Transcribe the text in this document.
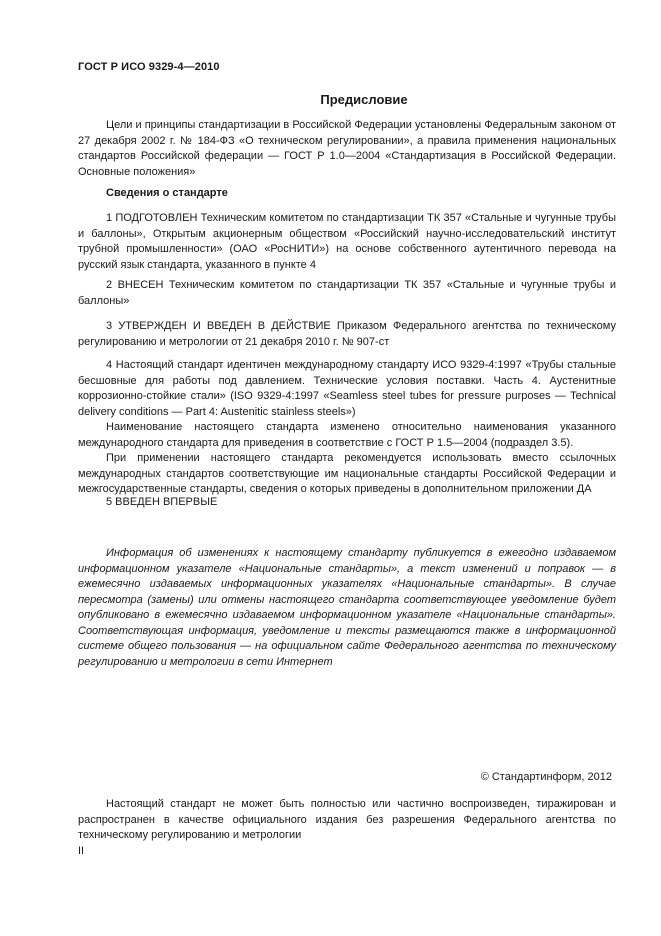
ГОСТ Р ИСО 9329-4—2010
Предисловие

Цели и принципы стандартизации в Российской Федерации установлены Федеральным законом от 27 декабря 2002 г. № 184-ФЗ «О техническом регулировании», а правила применения национальных стандартов Российской федерации — ГОСТ Р 1.0—2004 «Стандартизация в Российской Федерации. Основные положения»

Сведения о стандарте

1 ПОДГОТОВЛЕН Техническим комитетом по стандартизации ТК 357 «Стальные и чугунные трубы и баллоны», Открытым акционерным обществом «Российский научно-исследовательский институт трубной промышленности» (ОАО «РосНИТИ») на основе собственного аутентичного перевода на русский язык стандарта, указанного в пункте 4

2 ВНЕСЕН Техническим комитетом по стандартизации ТК 357 «Стальные и чугунные трубы и баллоны»

3 УТВЕРЖДЕН И ВВЕДЕН В ДЕЙСТВИЕ Приказом Федерального агентства по техническому регулированию и метрологии от 21 декабря 2010 г. № 907-ст

4 Настоящий стандарт идентичен международному стандарту ИСО 9329-4:1997 «Трубы стальные бесшовные для работы под давлением. Технические условия поставки. Часть 4. Аустенитные коррозионно-стойкие стали» (ISO 9329-4:1997 «Seamless steel tubes for pressure purposes — Technical delivery conditions — Part 4: Austenitic stainless steels»)

Наименование настоящего стандарта изменено относительно наименования указанного международного стандарта для приведения в соответствие с ГОСТ Р 1.5—2004 (подраздел 3.5).

При применении настоящего стандарта рекомендуется использовать вместо ссылочных международных стандартов соответствующие им национальные стандарты Российской Федерации и межгосударственные стандарты, сведения о которых приведены в дополнительном приложении ДА

5 ВВЕДЕН ВПЕРВЫЕ

Информация об изменениях к настоящему стандарту публикуется в ежегодно издаваемом информационном указателе «Национальные стандарты», а текст изменений и поправок — в ежемесячно издаваемых информационных указателях «Национальные стандарты». В случае пересмотра (замены) или отмены настоящего стандарта соответствующее уведомление будет опубликовано в ежемесячно издаваемом информационном указателе «Национальные стандарты». Соответствующая информация, уведомление и тексты размещаются также в информационной системе общего пользования — на официальном сайте Федерального агентства по техническому регулированию и метрологии в сети Интернет

© Стандартинформ, 2012

Настоящий стандарт не может быть полностью или частично воспроизведен, тиражирован и распространен в качестве официального издания без разрешения Федерального агентства по техническому регулированию и метрологии

II
